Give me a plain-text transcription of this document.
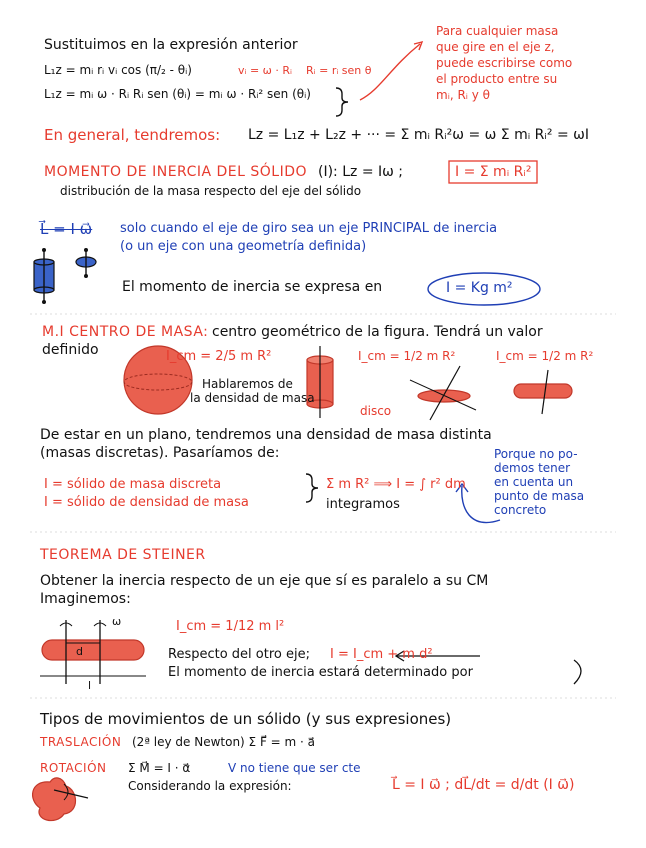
Sustituimos en la expresión anterior
L₁z = mᵢ rᵢ vᵢ cos (π/₂ - θᵢ)	vᵢ = ω · Rᵢ Rᵢ = rᵢ sen θ
L₁z = mᵢ ω · Rᵢ Rᵢ sen (θᵢ) = mᵢ ω · Rᵢ² sen (θᵢ)
Para cualquier masa
que gire en el eje z,
puede escribirse como
el producto entre su
mᵢ, Rᵢ y θ
En general, tendremos: Lz = L₁z + L₂z + ··· = Σ mᵢ Rᵢ²ω = ω Σ mᵢ Rᵢ² = ωI
MOMENTO DE INERCIA DEL SÓLIDO (I): Lz = Iω ;	I = Σ mᵢ Rᵢ²
distribución de la masa respecto del eje del sólido
L⃗ = I ω⃗ solo cuando el eje de giro sea un eje PRINCIPAL de inercia
(o un eje con una geometría definida)
El momento de inercia se expresa en	I = Kg m²
M.I CENTRO DE MASA: centro geométrico de la figura. Tendrá un valor
definido	I_cm = 2/5 m R²	I_cm = 1/2 m R²	I_cm = 1/2 m R²
Hablaremos de
la densidad de masa
disco
De estar en un plano, tendremos una densidad de masa distinta
(masas discretas). Pasaríamos de:
I = sólido de masa discreta
I = sólido de densidad de masa
Σ m R² ⟹ I = ∫ r² dm
integramos
Porque no po-
demos tener
en cuenta un
punto de masa
concreto
TEOREMA DE STEINER
Obtener la inercia respecto de un eje que sí es paralelo a su CM
Imaginemos:
I_cm = 1/12 m l²
Respecto del otro eje; I = I_cm + m d²
El momento de inercia estará determinado por
d
l
ω
Tipos de movimientos de un sólido (y sus expresiones)
TRASLACIÓN (2ª ley de Newton) Σ F⃗ = m · a⃗
ROTACIÓN Σ M⃗ = I · α⃗	V no tiene que ser cte
Considerando la expresión:	L⃗ = I ω⃗ ; dL⃗/dt = d/dt (I ω⃗)
